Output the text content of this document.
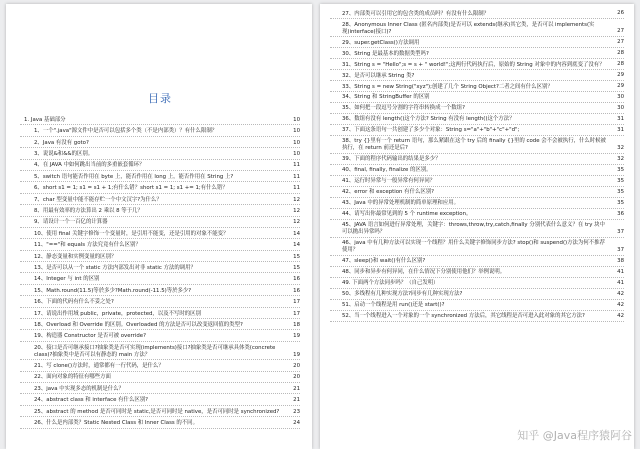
目录
1. Java 基础部分	10
1、一个".java"源文件中是否可以包括多个类（不是内部类）？有什么限制？	10
2、Java 有没有 goto?	10
3、说说&和&&的区别。	10
4、在 JAVA 中如何跳出当前的多重嵌套循环？	11
5、switch 语句能否作用在 byte 上，能否作用在 long 上，能否作用在 String 上?	11
6、short s1 = 1; s1 = s1 + 1;有什么错？short s1 = 1; s1 += 1;有什么错？	11
7、char 型变量中能不能存贮一个中文汉字?为什么？	12
8、用最有效率的方法算出 2 乘以 8 等于几？	12
9、请设计一个一百亿的计算器	12
10、使用 final 关键字修饰一个变量时，是引用不能变，还是引用的对象不能变？	14
11、"=="和 equals 方法究竟有什么区别？	14
12、静态变量和实例变量的区别？	15
13、是否可以从一个 static 方法内部发出对非 static 方法的调用？	15
14、Integer 与 int 的区别	16
15、Math.round(11.5)等於多少?Math.round(-11.5)等於多少?	16
16、下面的代码有什么不妥之处?	17
17、请说出作用域 public，private，protected，以及不写时的区别	17
18、Overload 和 Override 的区别。Overloaded 的方法是否可以改变返回值的类型?	18
19、构造器 Constructor 是否可被 override?	19
20、接口是否可继承接口?抽象类是否可实现(implements)接口?抽象类是否可继承具体类(concrete class)?抽象类中是否可以有静态的 main 方法？	19
21、写 clone()方法时，通常都有一行代码，是什么？	20
22、面向对象的特征有哪些方面	20
23、java 中实现多态的机制是什么？	21
24、abstract class 和 interface 有什么区别?	21
25、abstract 的 method 是否可同时是 static,是否可同时是 native，是否可同时是 synchronized?	23
26、什么是内部类？Static Nested Class 和 Inner Class 的不同。	24
27、内部类可以引用它的包含类的成员吗？有没有什么限制？	26
28、Anonymous Inner Class (匿名内部类)是否可以 extends(继承)其它类，是否可以 implements(实现)interface(接口)?	27
29、super.getClass()方法调用	27
30、String 是最基本的数据类型吗?	28
31、String s = "Hello";s = s + " world!";这两行代码执行后，原始的 String 对象中的内容到底变了没有？ 28
32、是否可以继承 String 类?	29
33、String s = new String("xyz");创建了几个 String Object?二者之间有什么区别？	29
34、String 和 StringBuffer 的区别	30
35、如何把一段逗号分割的字符串转换成一个数组?	30
36、数组有没有 length()这个方法? String 有没有 length()这个方法？	31
37、下面这条语句一共创建了多少个对象：String s="a"+"b"+"c"+"d";	31
38、try {}里有一个 return 语句，那么紧跟在这个 try 后的 finally {}里的 code 会不会被执行，什么时候被执行，在 return 前还是后?	32
39、下面的程序代码输出的结果是多少？	32
40、final, finally, finalize 的区别。	35
41、运行时异常与一般异常有何异同？	35
42、error 和 exception 有什么区别?	35
43、Java 中的异常处理机制的简单原理和应用。	35
44、请写出你最常见到的 5 个 runtime exception。	36
45、JAVA 语言如何进行异常处理，关键字：throws,throw,try,catch,finally 分别代表什么意义？在 try 块中可以抛出异常吗？	37
46、java 中有几种方法可以实现一个线程？用什么关键字修饰同步方法? stop()和 suspend()方法为何不推荐使用？	37
47、sleep()和 wait()有什么区别?	38
48、同步和异步有何异同，在什么情况下分别使用他们？举例说明。	41
49. 下面两个方法同步吗？（自己发明）	41
50、多线程有几种实现方法?同步有几种实现方法?	42
51、启动一个线程是用 run()还是 start()?	42
52、当一个线程进入一个对象的一个 synchronized 方法后，其它线程是否可进入此对象的其它方法?	42
知乎 @Java程序猿阿谷
